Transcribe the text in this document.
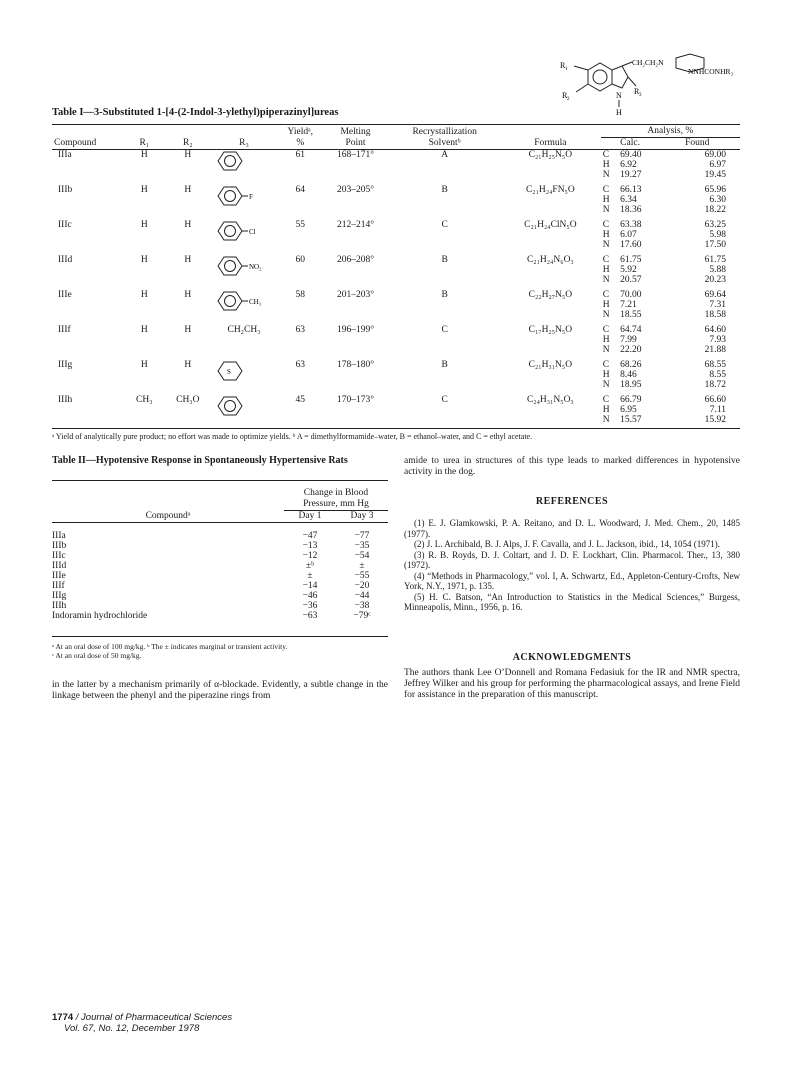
R 1
R 2
R 3
N
H
CH₂CH₂N
NNHCONHR₃
Table I—3-Substituted 1-[4-(2-Indol-3-ylethyl)piperazinyl]ureas
Compound	R₁	R₂	R₃	Yieldᵃ,	Melting	Recrystallization	Formula	Analysis, %		
				%	Point	Solventᵇ			Calc.	Found
IIIa	H	H		61	168–171°	A	C₂₁H₂₅N₅O	C	69.40	69.00
								H	6.92	6.97
								N	19.27	19.45

IIIb	H	H	F	64	203–205°	B	C₂₁H₂₄FN₅O	C	66.13	65.96
								H	6.34	6.30
								N	18.36	18.22

IIIc	H	H	Cl	55	212–214°	C	C₂₁H₂₄ClN₅O	C	63.38	63.25
								H	6.07	5.98
								N	17.60	17.50

IIId	H	H	NO₂	60	206–208°	B	C₂₁H₂₄N₆O₃	C	61.75	61.75
								H	5.92	5.88
								N	20.57	20.23

IIIe	H	H	CH₃	58	201–203°	B	C₂₂H₂₇N₅O	C	70.00	69.64
								H	7.21	7.31
								N	18.55	18.58

IIIf	H	H	CH₂CH₃	63	196–199°	C	C₁₇H₂₅N₅O	C	64.74	64.60
								H	7.99	7.93
								N	22.20	21.88

IIIg	H	H	S	63	178–180°	B	C₂₁H₃₁N₅O	C	68.26	68.55
								H	8.46	8.55
								N	18.95	18.72

IIIh	CH₃	CH₃O		45	170–173°	C	C₂₄H₃₁N₅O₃	C	66.79	66.60
								H	6.95	7.11
								N	15.57	15.92
ᵃ Yield of analytically pure product; no effort was made to optimize yields. ᵇ A = dimethylformamide–water, B = ethanol–water, and C = ethyl acetate.
Table II—Hypotensive Response in Spontaneously Hypertensive Rats
	Change in Blood	
	Pressure, mm Hg	
Compoundᵃ	Day 1	Day 3

IIIa	−47	−77
IIIb	−13	−35
IIIc	−12	−54
IIId	±ᵇ	±
IIIe	±	−55
IIIf	−14	−20
IIIg	−46	−44
IIIh	−36	−38
Indoramin hydrochloride	−63	−79ᶜ
ᵃ At an oral dose of 100 mg/kg. ᵇ The ± indicates marginal or transient activity.
ᶜ At an oral dose of 50 mg/kg.
in the latter by a mechanism primarily of α-blockade. Evidently, a subtle change in the linkage between the phenyl and the piperazine rings from
amide to urea in structures of this type leads to marked differences in hypotensive activity in the dog.
REFERENCES

(1) E. J. Glamkowski, P. A. Reitano, and D. L. Woodward, J. Med. Chem., 20, 1485 (1977).

(2) J. L. Archibald, B. J. Alps, J. F. Cavalla, and J. L. Jackson, ibid., 14, 1054 (1971).

(3) R. B. Royds, D. J. Coltart, and J. D. F. Lockhart, Clin. Pharmacol. Ther., 13, 380 (1972).

(4) “Methods in Pharmacology,” vol. I, A. Schwartz, Ed., Appleton-Century-Crofts, New York, N.Y., 1971, p. 135.

(5) H. C. Batson, “An Introduction to Statistics in the Medical Sciences,” Burgess, Minneapolis, Minn., 1956, p. 16.

ACKNOWLEDGMENTS
The authors thank Lee O’Donnell and Romana Fedasiuk for the IR and NMR spectra, Jeffrey Wilker and his group for performing the pharmacological assays, and Irene Field for assistance in the preparation of this manuscript.
1774 / Journal of Pharmaceutical Sciences
Vol. 67, No. 12, December 1978
